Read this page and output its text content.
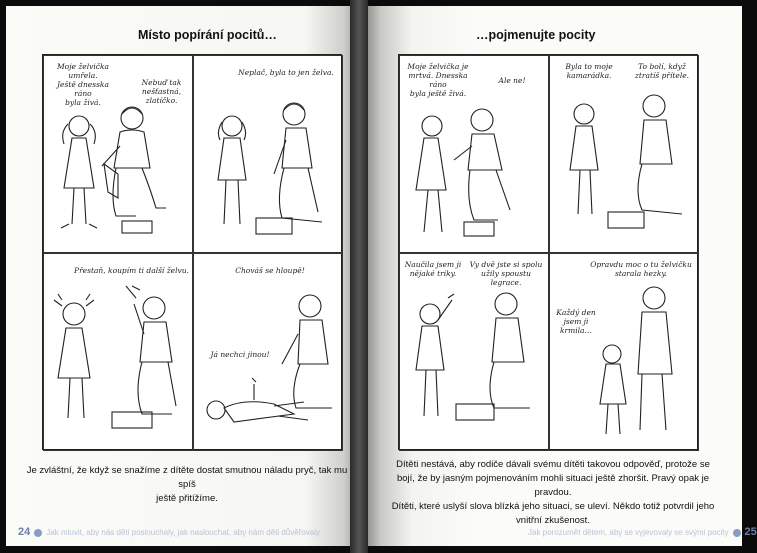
Místo popírání pocitů…
Moje želvička umřela.
Ještě dnesska ráno
byla živá.
Nebuď tak
nešťastná,
zlatíčko.
Neplač, byla to jen želva.
Přestaň, koupím ti další želvu.	Chováš se hloupě!
Já nechci jinou!
Je zvláštní, že když se snažíme z dítěte dostat smutnou náladu pryč, tak mu spíš
ještě přitížíme.
24 Jak mluvit, aby nás děti poslouchaly, jak naslouchat, aby nám děti důvěřovaly
…pojmenujte pocity
Moje želvička je
mrtvá. Dnesska ráno
byla ještě živá.
Ale ne!
Byla to moje
kamarádka.
To bolí, když
ztratíš přítele.
Naučila jsem ji
nějaké triky.
Vy dvě jste si spolu
užily spoustu legrace.
Opravdu moc o tu želvičku
starala hezky.
Každý den
jsem ji
krmila…
Dítěti nestává, aby rodiče dávali svému dítěti takovou odpověď, protože se
bojí, že by jasným pojmenováním mohli situaci ještě zhoršit. Pravý opak je pravdou.
Dítěti, které uslyší slova blízká jeho situaci, se uleví. Někdo totiž potvrdil jeho
vnitřní zkušenost.
Jak porozumět dětem, aby se vyjevovaly se svými pocity 25
